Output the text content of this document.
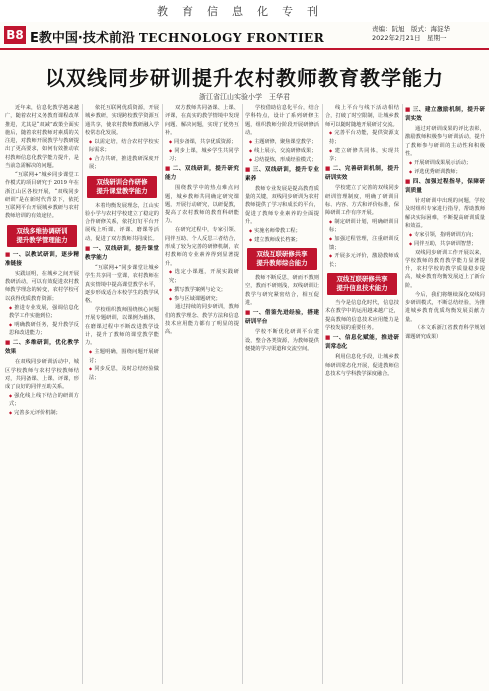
教育信息化专刊
B8 E教中国·技术前沿 TECHNOLOGY FRONTIER
责编：阮旭　版式：海淀华
2022年2月21日　星期一
以双线同步研训提升农村教师教育教学能力
浙江省江山实验小学　王华君

近年来，信息化教学越来越广，随着农村义务教育课程改革推进，尤其是“双减”政策全面实施后，随着农村教师对素质的关注进，对教师开展教学与教研提出了更高要求，如何有效推动农村教师信息化教学能力提升，是当前急需解决的问题。

“互联网+”城乡同步课堂工作模式的项目研究于 2019 年在浙江山区各校开展，“双线同步研训”是在新时代背景下，依托互联网平台开展城乡教研与农村教师培训的有效途径。

双线多维协调研训
提升教学管理能力

■ 一、以教试研训，逐步精准链接

实践证明，在城乡之间开展教研活动，可以有效促进农村教师教学理念的转变，农村学校可以获得优质教育资源；

◆ 推进专业发展，强调信息化教学工作实施到位；

◆ 明确教研任务，提升教学反思和改进能力；

■ 二、多维研训，优化教学效果

在双线同步研训活动中，城区学校教师与农村学校教师结对，共同备课、上课、评课，形成了良好的同伴互助关系。

◆ 强化线上线下结合的研训方式；

◆ 完善多元评价机制；

依托互联网优质资源，开展城乡教研，实现跨校教学资源互通共享，使农村教师教研融入学校常态化发展。

◆ 以需定培，结合农村学校实际需求；

◆ 合力共研，推进教研深度开展；

双线研训合作研修
提升课堂教学能力

本着均衡发展理念，江山实验小学与农村学校建立了稳定的合作研修关系，依托钉钉平台开展线上听课、评课、磨课等活动，促进了双方教师共同成长。

■ 一、双线研训，提升课堂教学能力

“互联网+”同步课堂让城乡学生共享同一堂课，农村教师在真实情境中提高课堂教学水平，逐步形成适合本校学生的教学风格。

学校组织教师围绕核心问题开展专题研训，以课例为载体，在磨课过程中不断改进教学设计，提升了教师的课堂教学能力。

◆ 主题明确，围绕问题开展研讨；

◆ 同步反思，及时总结经验做法；

双方教师共同备课、上课、评课，在真实的教学情境中发现问题、解决问题，实现了优势互补。

◆ 同步备课，共享优质资源；

◆ 同步上课，城乡学生共同学习；

■ 二、双线研训，提升研究能力

围绕教学中的热点难点问题，城乡教师共同确定研究课题，开展行动研究，以研促教，提高了农村教师的教育科研能力。

在研究过程中，专家引领、同伴互助、个人反思三者结合，形成了较为完善的研修机制，农村教师的专业素养得到显著提升。

◆ 选定小课题，开展实践研究；

◆ 撰写教学案例与论文；

◆ 参与区域课题研究；

通过持续的同步研训，教师们的教学理念、教学方法和信息技术应用能力都有了明显的提高。

学校借助信息化平台，结合学科特点，设计了系列研修主题，组织教师分阶段开展研修活动。

◆ 主题研修，聚焦课堂教学；

◆ 线上展示，交流研修成果；

◆ 总结提炼，形成经验模式；

■ 三、双线研训，提升专业素养

教师专业发展是提高教育质量的关键，双线同步研训为农村教师提供了学习和成长的平台，促进了教师专业素养的全面提升。

◆ 实施名师带教工程；

◆ 建立教师成长档案；

双线互联研修共享
提升教师综合能力

教师不断反思，研而不教则空，教而不研则浅，双线研训让教学与研究紧密结合，相互促进。

■ 一、借鉴先进经验，搭建研训平台

学校不断优化研训平台建设，整合各类资源，为教师提供便捷的学习渠道和交流空间。

线上平台与线下活动相结合，打破了时空限制，让城乡教师可以随时随地开展研讨交流。

◆ 完善平台功能，提供资源支持；

◆ 建立研修共同体，实现共享；

■ 二、完善研训机制，提升研训实效

学校建立了完善的双线同步研训管理制度，明确了研训目标、内容、方式和评价标准，保障研训工作有序开展。

◆ 制定研训计划，明确研训目标；

◆ 加强过程管理，注重研训反馈；

◆ 开展多元评价，激励教师成长；

双线互联研修共享
提升信息技术能力

当今是信息化时代，信息技术在教学中的运用越来越广泛，提高教师的信息技术应用能力是学校发展的重要任务。

■ 一、信息化赋能，推进研训常态化

利用信息化手段，让城乡教师研训常态化开展，促进教师信息技术与学科教学深度融合。

■ 三、建立激励机制，提升研训实效

通过对研训成果的评比表彰，激励教师积极参与研训活动，提升了教师参与研训的主动性和积极性。

◆ 开展研训成果展示活动；

◆ 评选优秀研训教师；

■ 四、加强过程指导，保障研训质量

针对研训中出现的问题，学校及时组织专家进行指导，帮助教师解决实际困难，不断提高研训质量和效益。

◆ 专家引领，指明研训方向；

◆ 同伴互助，共享研训智慧；

双线同步研训工作开展以来，学校教师的教育教学能力显著提升，农村学校的教学质量稳步提高，城乡教育均衡发展迈上了新台阶。

今后，我们将继续深化双线同步研训模式，不断总结经验，为推进城乡教育优质均衡发展贡献力量。

（本文系浙江省教育科学规划课题研究成果）
